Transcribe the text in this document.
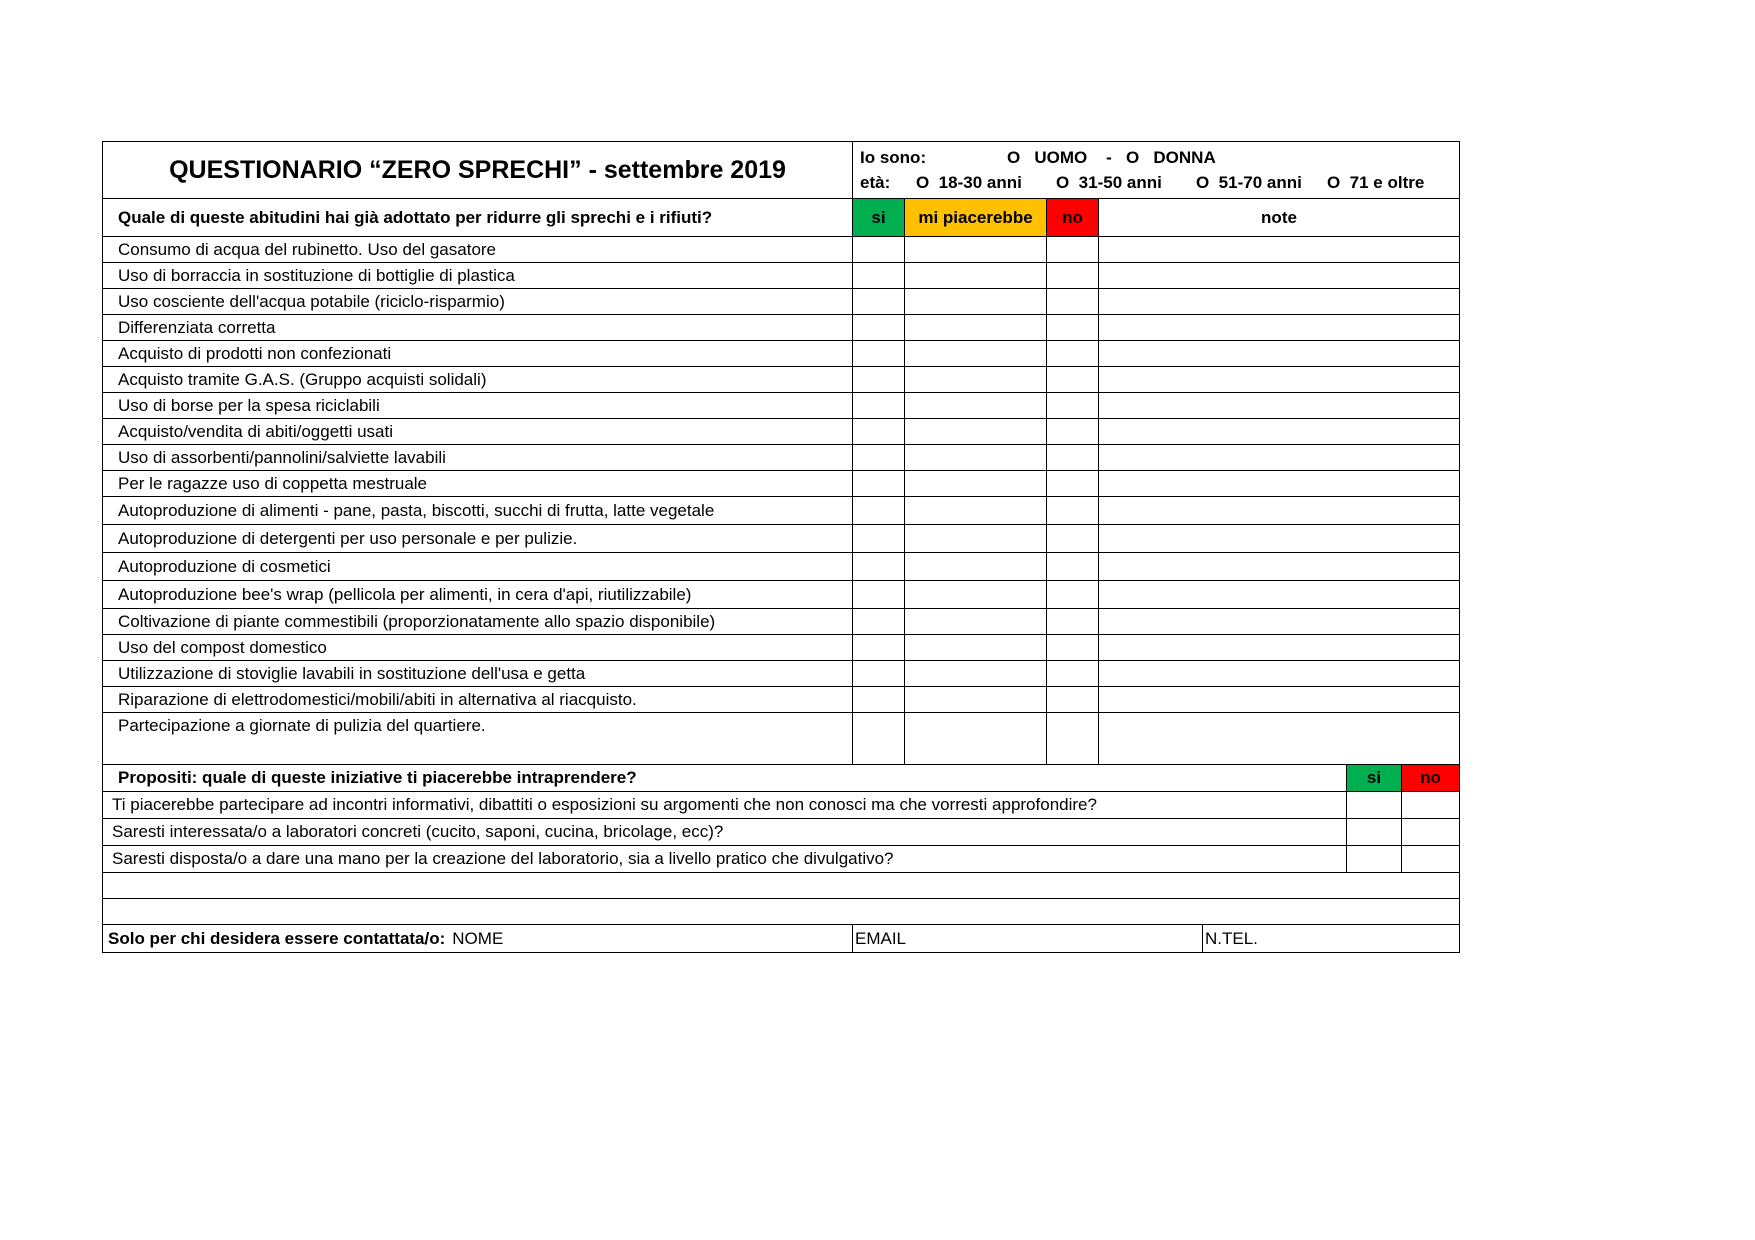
QUESTIONARIO “ZERO SPRECHI” - settembre 2019	Io sono:	O   UOMO    -   O   DONNA
età:	O  18-30 anni	O  31-50 anni	O  51-70 anni	O  71 e oltre
Quale di queste abitudini hai già adottato per ridurre gli sprechi e i rifiuti?	si	mi piacerebbe	no	note
Consumo di acqua del rubinetto. Uso del gasatore
Uso di borraccia in sostituzione di bottiglie di plastica
Uso cosciente dell'acqua potabile (riciclo-risparmio)
Differenziata corretta
Acquisto di prodotti non confezionati
Acquisto tramite G.A.S. (Gruppo acquisti solidali)
Uso di borse per la spesa riciclabili
Acquisto/vendita di abiti/oggetti usati
Uso di assorbenti/pannolini/salviette lavabili
Per le ragazze uso di coppetta mestruale
Autoproduzione di alimenti - pane, pasta, biscotti, succhi di frutta, latte vegetale
Autoproduzione di detergenti per uso personale e per pulizie.
Autoproduzione di cosmetici
Autoproduzione bee's wrap (pellicola per alimenti, in cera d'api, riutilizzabile)
Coltivazione di piante commestibili (proporzionatamente allo spazio disponibile)
Uso del compost domestico
Utilizzazione di stoviglie lavabili in sostituzione dell'usa e getta
Riparazione di elettrodomestici/mobili/abiti in alternativa al riacquisto.
Partecipazione a giornate di pulizia del quartiere.
Propositi: quale di queste iniziative ti piacerebbe intraprendere?	si	no
Ti piacerebbe partecipare ad incontri informativi, dibattiti o esposizioni su argomenti che non conosci ma che vorresti approfondire?
Saresti interessata/o a laboratori concreti (cucito, saponi, cucina, bricolage, ecc)?
Saresti disposta/o a dare una mano per la creazione del laboratorio, sia a livello pratico che divulgativo?
Solo per chi desidera essere contattata/o: NOME	EMAIL	N.TEL.
